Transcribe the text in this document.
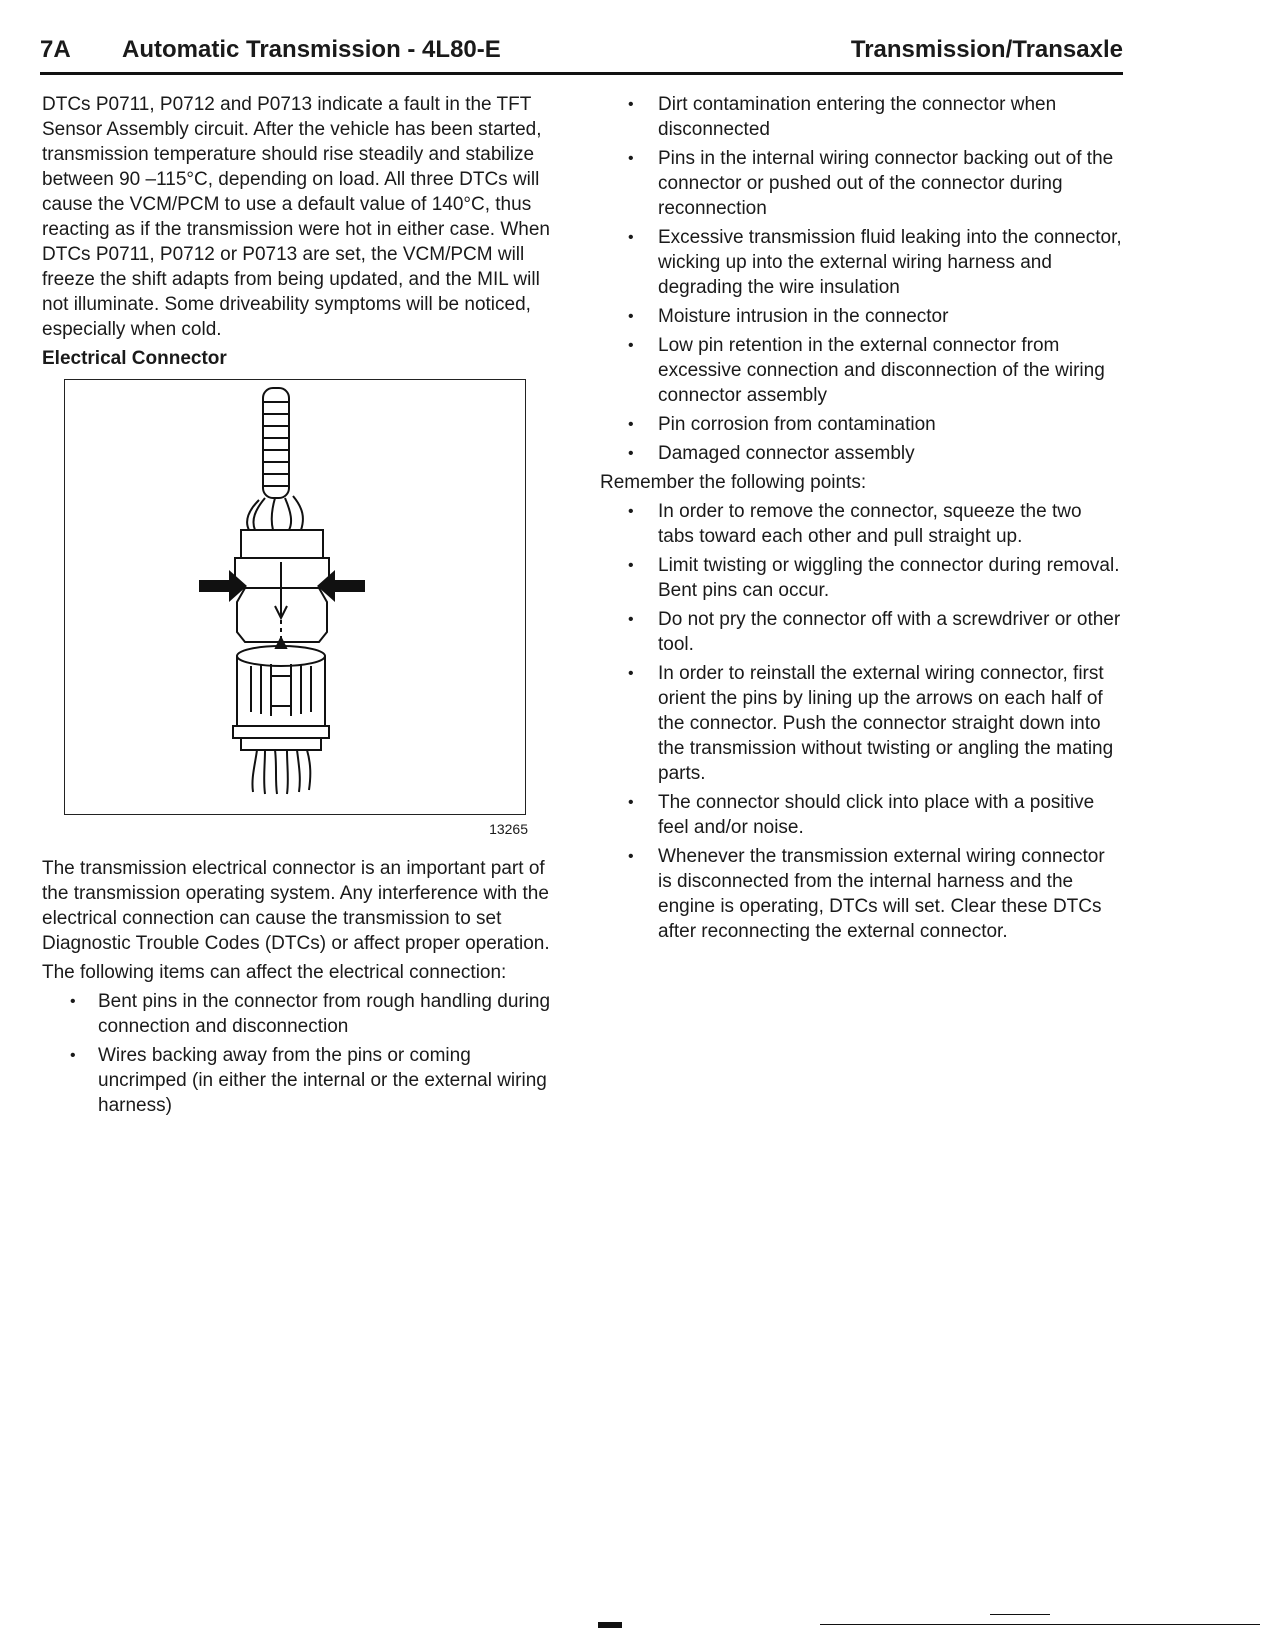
7A Automatic Transmission - 4L80-E	Transmission/Transaxle

DTCs P0711, P0712 and P0713 indicate a fault in the TFT Sensor Assembly circuit. After the vehicle has been started, transmission temperature should rise steadily and stabilize between 90 –115°C, depending on load. All three DTCs will cause the VCM/PCM to use a default value of 140°C, thus reacting as if the transmission were hot in either case. When DTCs P0711, P0712 or P0713 are set, the VCM/PCM will freeze the shift adapts from being updated, and the MIL will not illuminate. Some driveability symptoms will be noticed, especially when cold.

Electrical Connector

13265

The transmission electrical connector is an important part of the transmission operating system. Any interference with the electrical connection can cause the transmission to set Diagnostic Trouble Codes (DTCs) or affect proper operation.

The following items can affect the electrical connection:

• Bent pins in the connector from rough handling during connection and disconnection
• Wires backing away from the pins or coming uncrimped (in either the internal or the external wiring harness)
• Dirt contamination entering the connector when disconnected
• Pins in the internal wiring connector backing out of the connector or pushed out of the connector during reconnection
• Excessive transmission fluid leaking into the connector, wicking up into the external wiring harness and degrading the wire insulation
• Moisture intrusion in the connector
• Low pin retention in the external connector from excessive connection and disconnection of the wiring connector assembly
• Pin corrosion from contamination
• Damaged connector assembly

Remember the following points:

• In order to remove the connector, squeeze the two tabs toward each other and pull straight up.
• Limit twisting or wiggling the connector during removal. Bent pins can occur.
• Do not pry the connector off with a screwdriver or other tool.
• In order to reinstall the external wiring connector, first orient the pins by lining up the arrows on each half of the connector. Push the connector straight down into the transmission without twisting or angling the mating parts.
• The connector should click into place with a positive feel and/or noise.
• Whenever the transmission external wiring connector is disconnected from the internal harness and the engine is operating, DTCs will set. Clear these DTCs after reconnecting the external connector.
